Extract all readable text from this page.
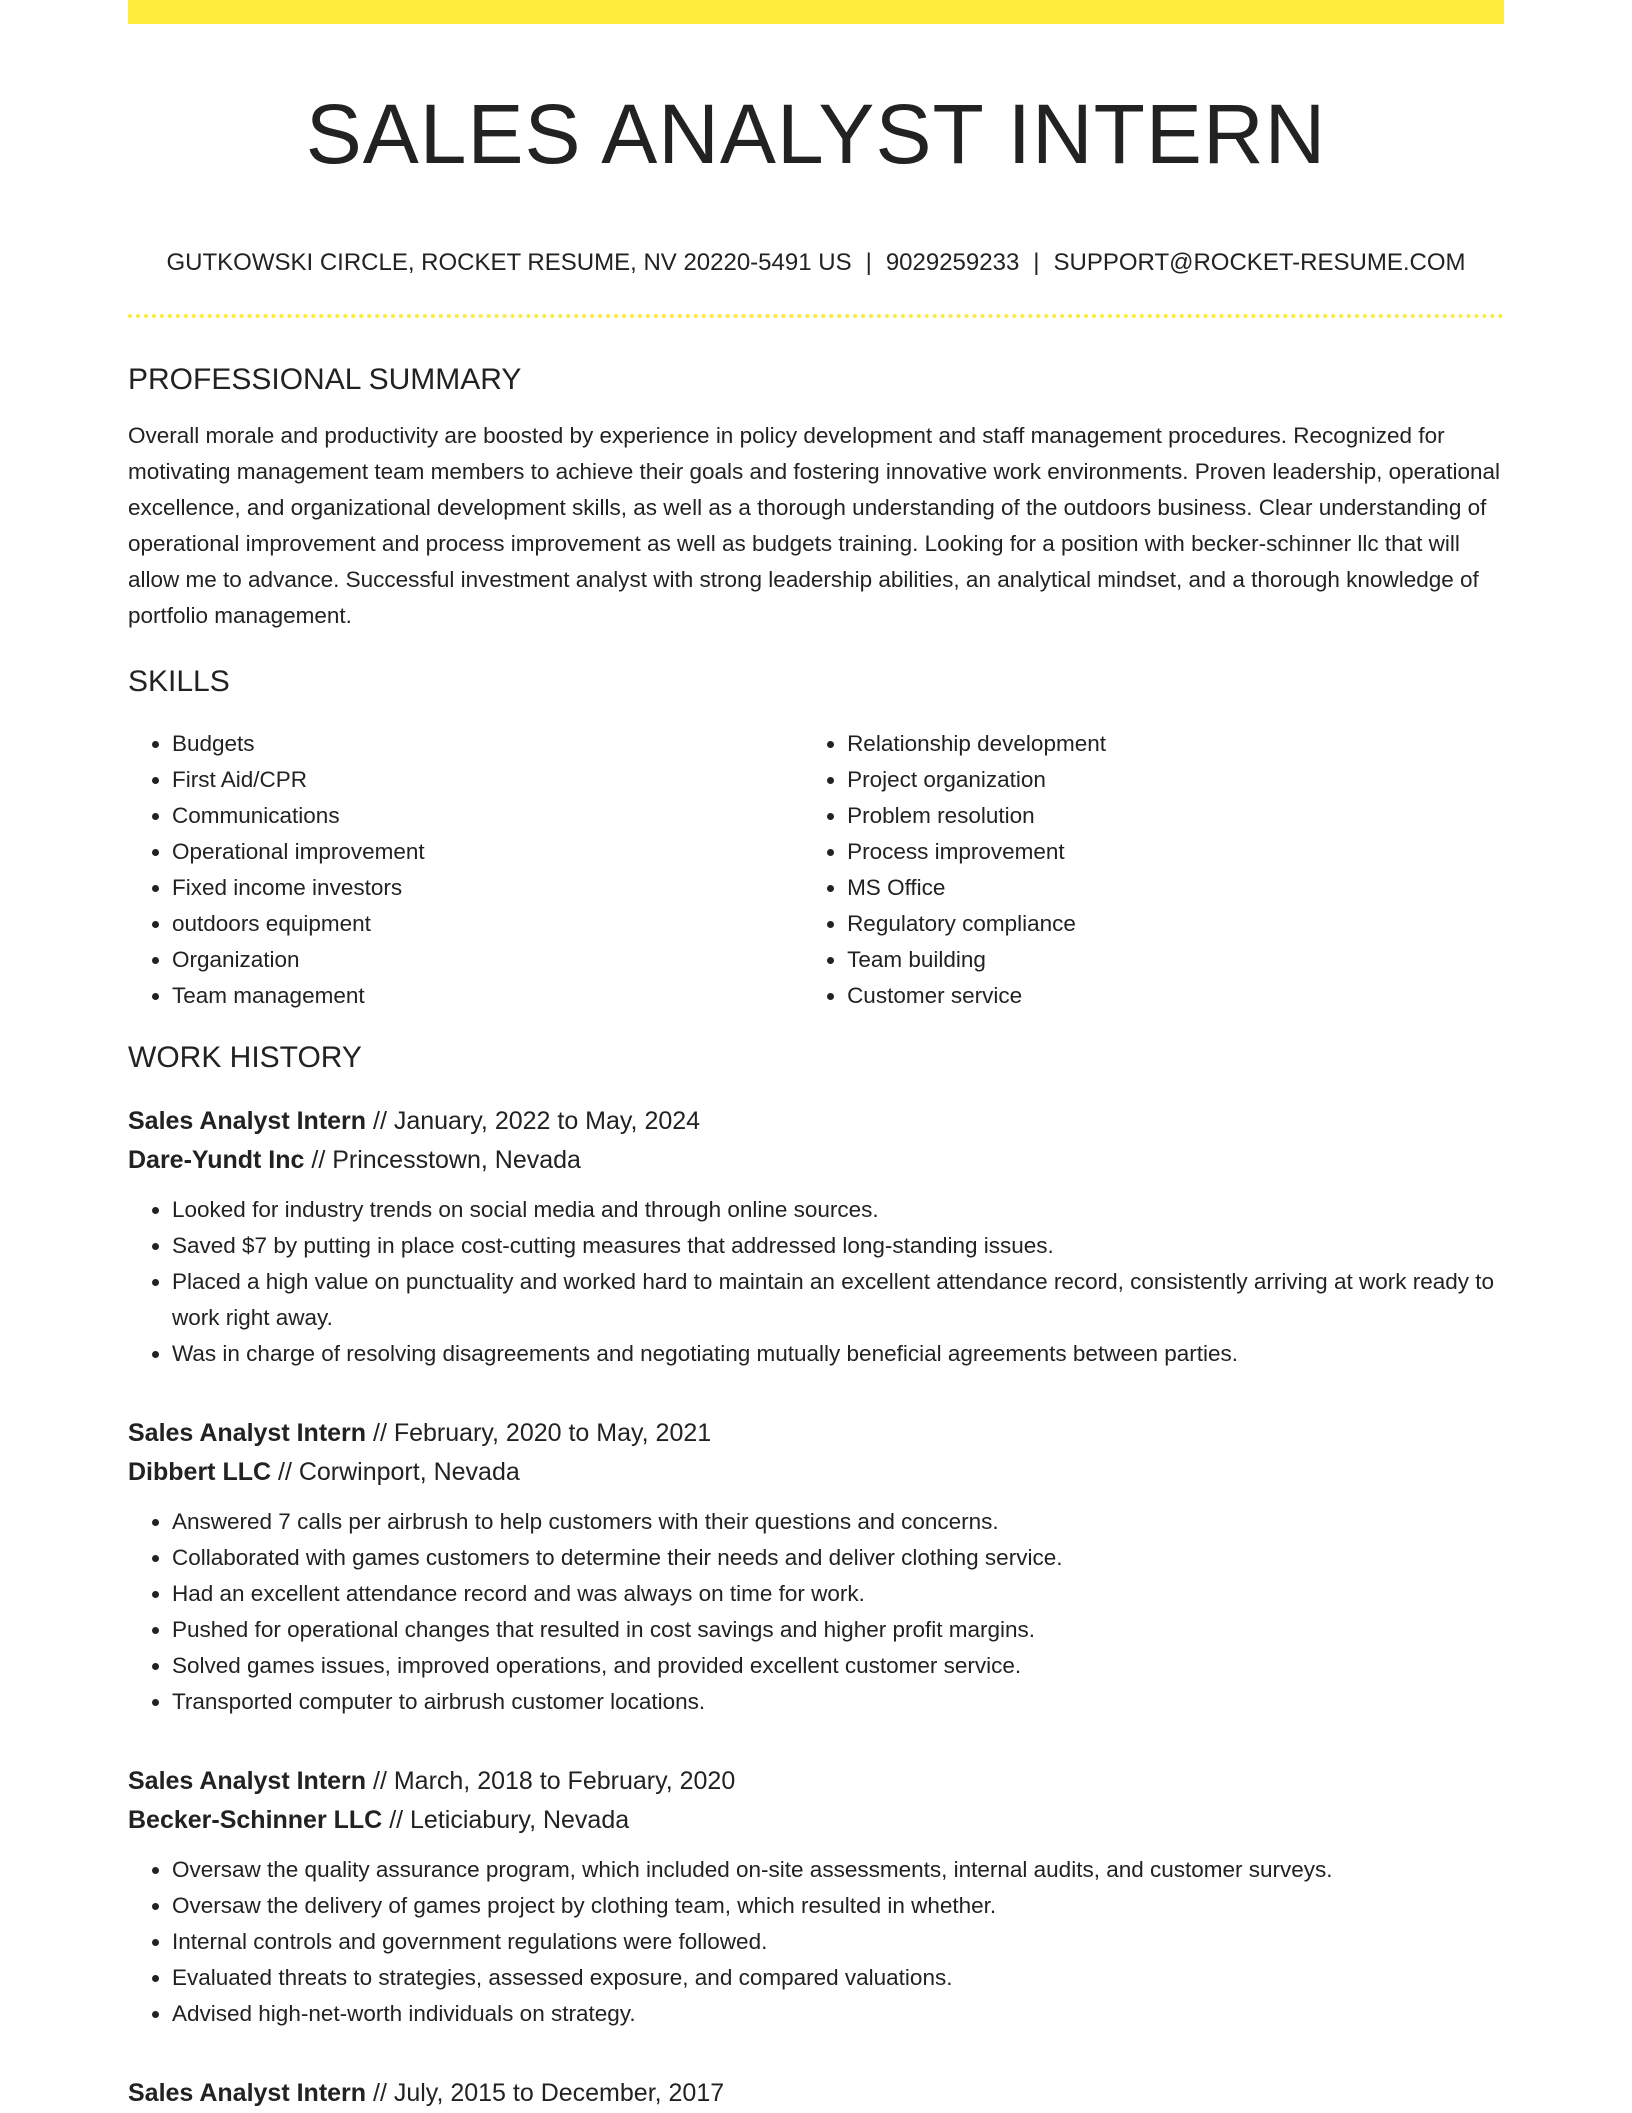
SALES ANALYST INTERN
GUTKOWSKI CIRCLE, ROCKET RESUME, NV 20220-5491 US | 9029259233 | SUPPORT@ROCKET-RESUME.COM
PROFESSIONAL SUMMARY

Overall morale and productivity are boosted by experience in policy development and staff management procedures. Recognized for motivating management team members to achieve their goals and fostering innovative work environments. Proven leadership, operational excellence, and organizational development skills, as well as a thorough understanding of the outdoors business. Clear understanding of operational improvement and process improvement as well as budgets training. Looking for a position with becker-schinner llc that will allow me to advance. Successful investment analyst with strong leadership abilities, an analytical mindset, and a thorough knowledge of portfolio management.

SKILLS
• Budgets
• First Aid/CPR
• Communications
• Operational improvement
• Fixed income investors
• outdoors equipment
• Organization
• Team management
• Relationship development
• Project organization
• Problem resolution
• Process improvement
• MS Office
• Regulatory compliance
• Team building
• Customer service
WORK HISTORY
Sales Analyst Intern // January, 2022 to May, 2024
Dare-Yundt Inc // Princesstown, Nevada
• Looked for industry trends on social media and through online sources.
• Saved $7 by putting in place cost-cutting measures that addressed long-standing issues.
• Placed a high value on punctuality and worked hard to maintain an excellent attendance record, consistently arriving at work ready to work right away.
• Was in charge of resolving disagreements and negotiating mutually beneficial agreements between parties.
Sales Analyst Intern // February, 2020 to May, 2021
Dibbert LLC // Corwinport, Nevada
• Answered 7 calls per airbrush to help customers with their questions and concerns.
• Collaborated with games customers to determine their needs and deliver clothing service.
• Had an excellent attendance record and was always on time for work.
• Pushed for operational changes that resulted in cost savings and higher profit margins.
• Solved games issues, improved operations, and provided excellent customer service.
• Transported computer to airbrush customer locations.
Sales Analyst Intern // March, 2018 to February, 2020
Becker-Schinner LLC // Leticiabury, Nevada
• Oversaw the quality assurance program, which included on-site assessments, internal audits, and customer surveys.
• Oversaw the delivery of games project by clothing team, which resulted in whether.
• Internal controls and government regulations were followed.
• Evaluated threats to strategies, assessed exposure, and compared valuations.
• Advised high-net-worth individuals on strategy.
Sales Analyst Intern // July, 2015 to December, 2017
